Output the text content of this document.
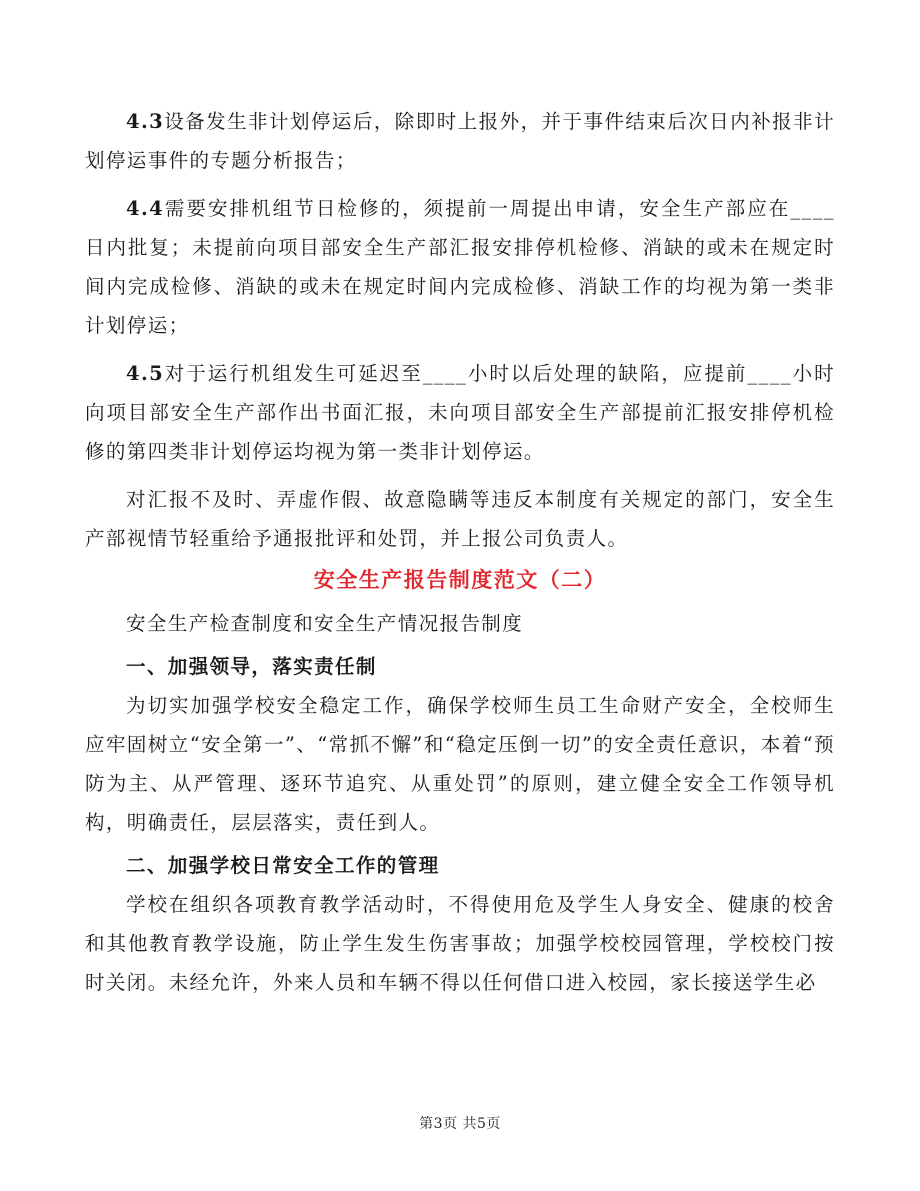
4.3设备发生非计划停运后，除即时上报外，并于事件结束后次日内补报非计划停运事件的专题分析报告；

4.4需要安排机组节日检修的，须提前一周提出申请，安全生产部应在____日内批复；未提前向项目部安全生产部汇报安排停机检修、消缺的或未在规定时间内完成检修、消缺的或未在规定时间内完成检修、消缺工作的均视为第一类非计划停运；

4.5对于运行机组发生可延迟至____小时以后处理的缺陷，应提前____小时向项目部安全生产部作出书面汇报，未向项目部安全生产部提前汇报安排停机检修的第四类非计划停运均视为第一类非计划停运。

对汇报不及时、弄虚作假、故意隐瞒等违反本制度有关规定的部门，安全生产部视情节轻重给予通报批评和处罚，并上报公司负责人。

安全生产报告制度范文（二）

安全生产检查制度和安全生产情况报告制度

一、加强领导，落实责任制

为切实加强学校安全稳定工作，确保学校师生员工生命财产安全，全校师生应牢固树立“安全第一”、“常抓不懈”和“稳定压倒一切”的安全责任意识，本着“预防为主、从严管理、逐环节追究、从重处罚”的原则，建立健全安全工作领导机构，明确责任，层层落实，责任到人。

二、加强学校日常安全工作的管理

学校在组织各项教育教学活动时，不得使用危及学生人身安全、健康的校舍和其他教育教学设施，防止学生发生伤害事故；加强学校校园管理，学校校门按时关闭。未经允许，外来人员和车辆不得以任何借口进入校园，家长接送学生必

第3页 共5页
